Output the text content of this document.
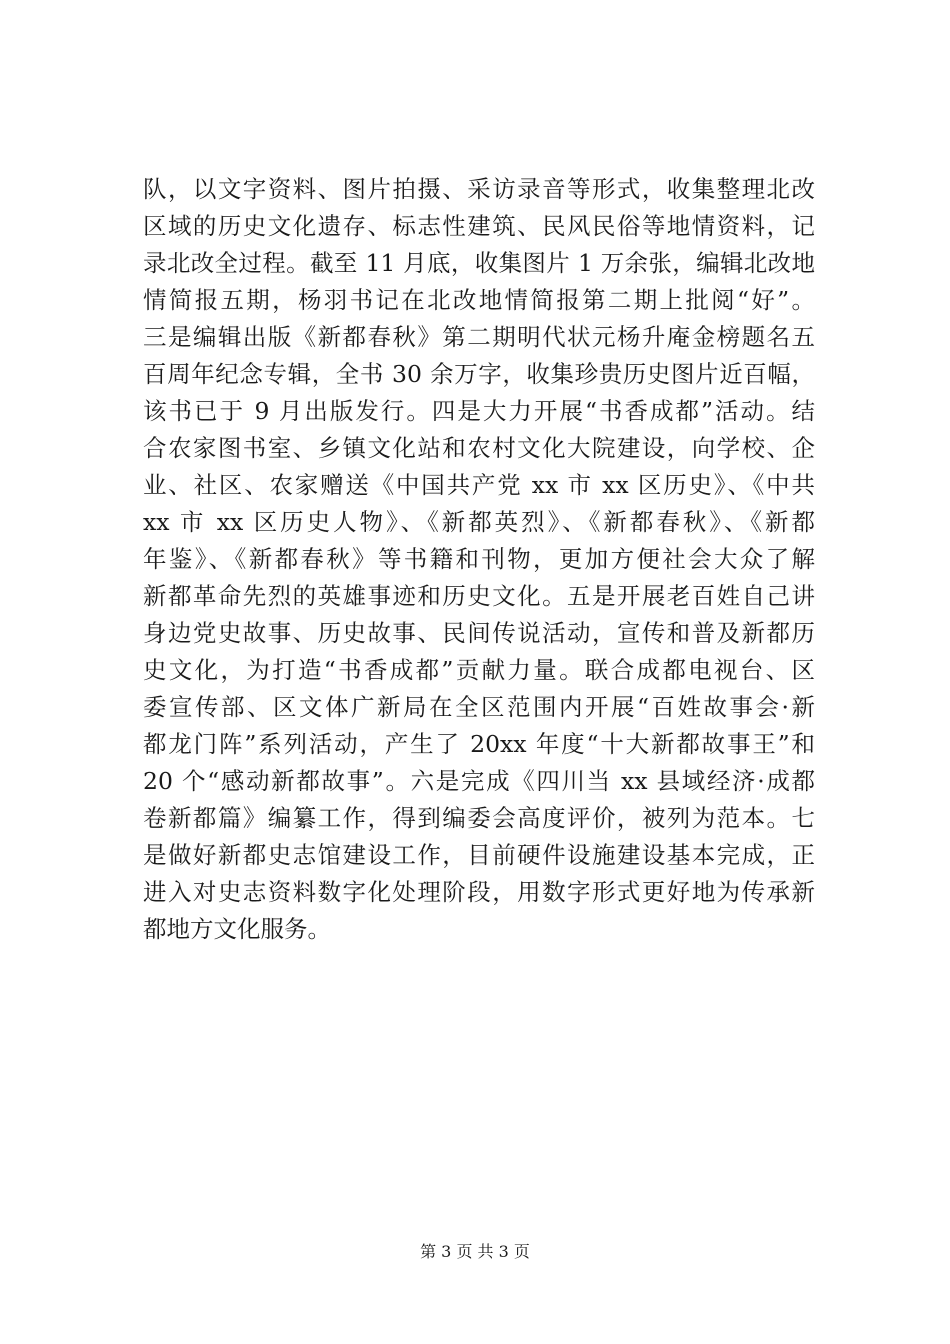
队，以文字资料、图片拍摄、采访录音等形式，收集整理北改
区域的历史文化遗存、标志性建筑、民风民俗等地情资料，记
录北改全过程。截至 11 月底，收集图片 1 万余张，编辑北改地
情简报五期，杨羽书记在北改地情简报第二期上批阅“好”。
三是编辑出版《新都春秋》第二期明代状元杨升庵金榜题名五
百周年纪念专辑，全书 30 余万字，收集珍贵历史图片近百幅，
该书已于 9 月出版发行。四是大力开展“书香成都”活动。结
合农家图书室、乡镇文化站和农村文化大院建设，向学校、企
业、社区、农家赠送《中国共产党 xx 市 xx 区历史》、《中共
xx 市 xx 区历史人物》、《新都英烈》、《新都春秋》、《新都
年鉴》、《新都春秋》等书籍和刊物，更加方便社会大众了解
新都革命先烈的英雄事迹和历史文化。五是开展老百姓自己讲
身边党史故事、历史故事、民间传说活动，宣传和普及新都历
史文化，为打造“书香成都”贡献力量。联合成都电视台、区
委宣传部、区文体广新局在全区范围内开展“百姓故事会·新
都龙门阵”系列活动，产生了 20xx 年度“十大新都故事王”和
20 个“感动新都故事”。六是完成《四川当 xx 县域经济·成都
卷新都篇》编纂工作，得到编委会高度评价，被列为范本。七
是做好新都史志馆建设工作，目前硬件设施建设基本完成，正
进入对史志资料数字化处理阶段，用数字形式更好地为传承新
都地方文化服务。
第 3 页 共 3 页
